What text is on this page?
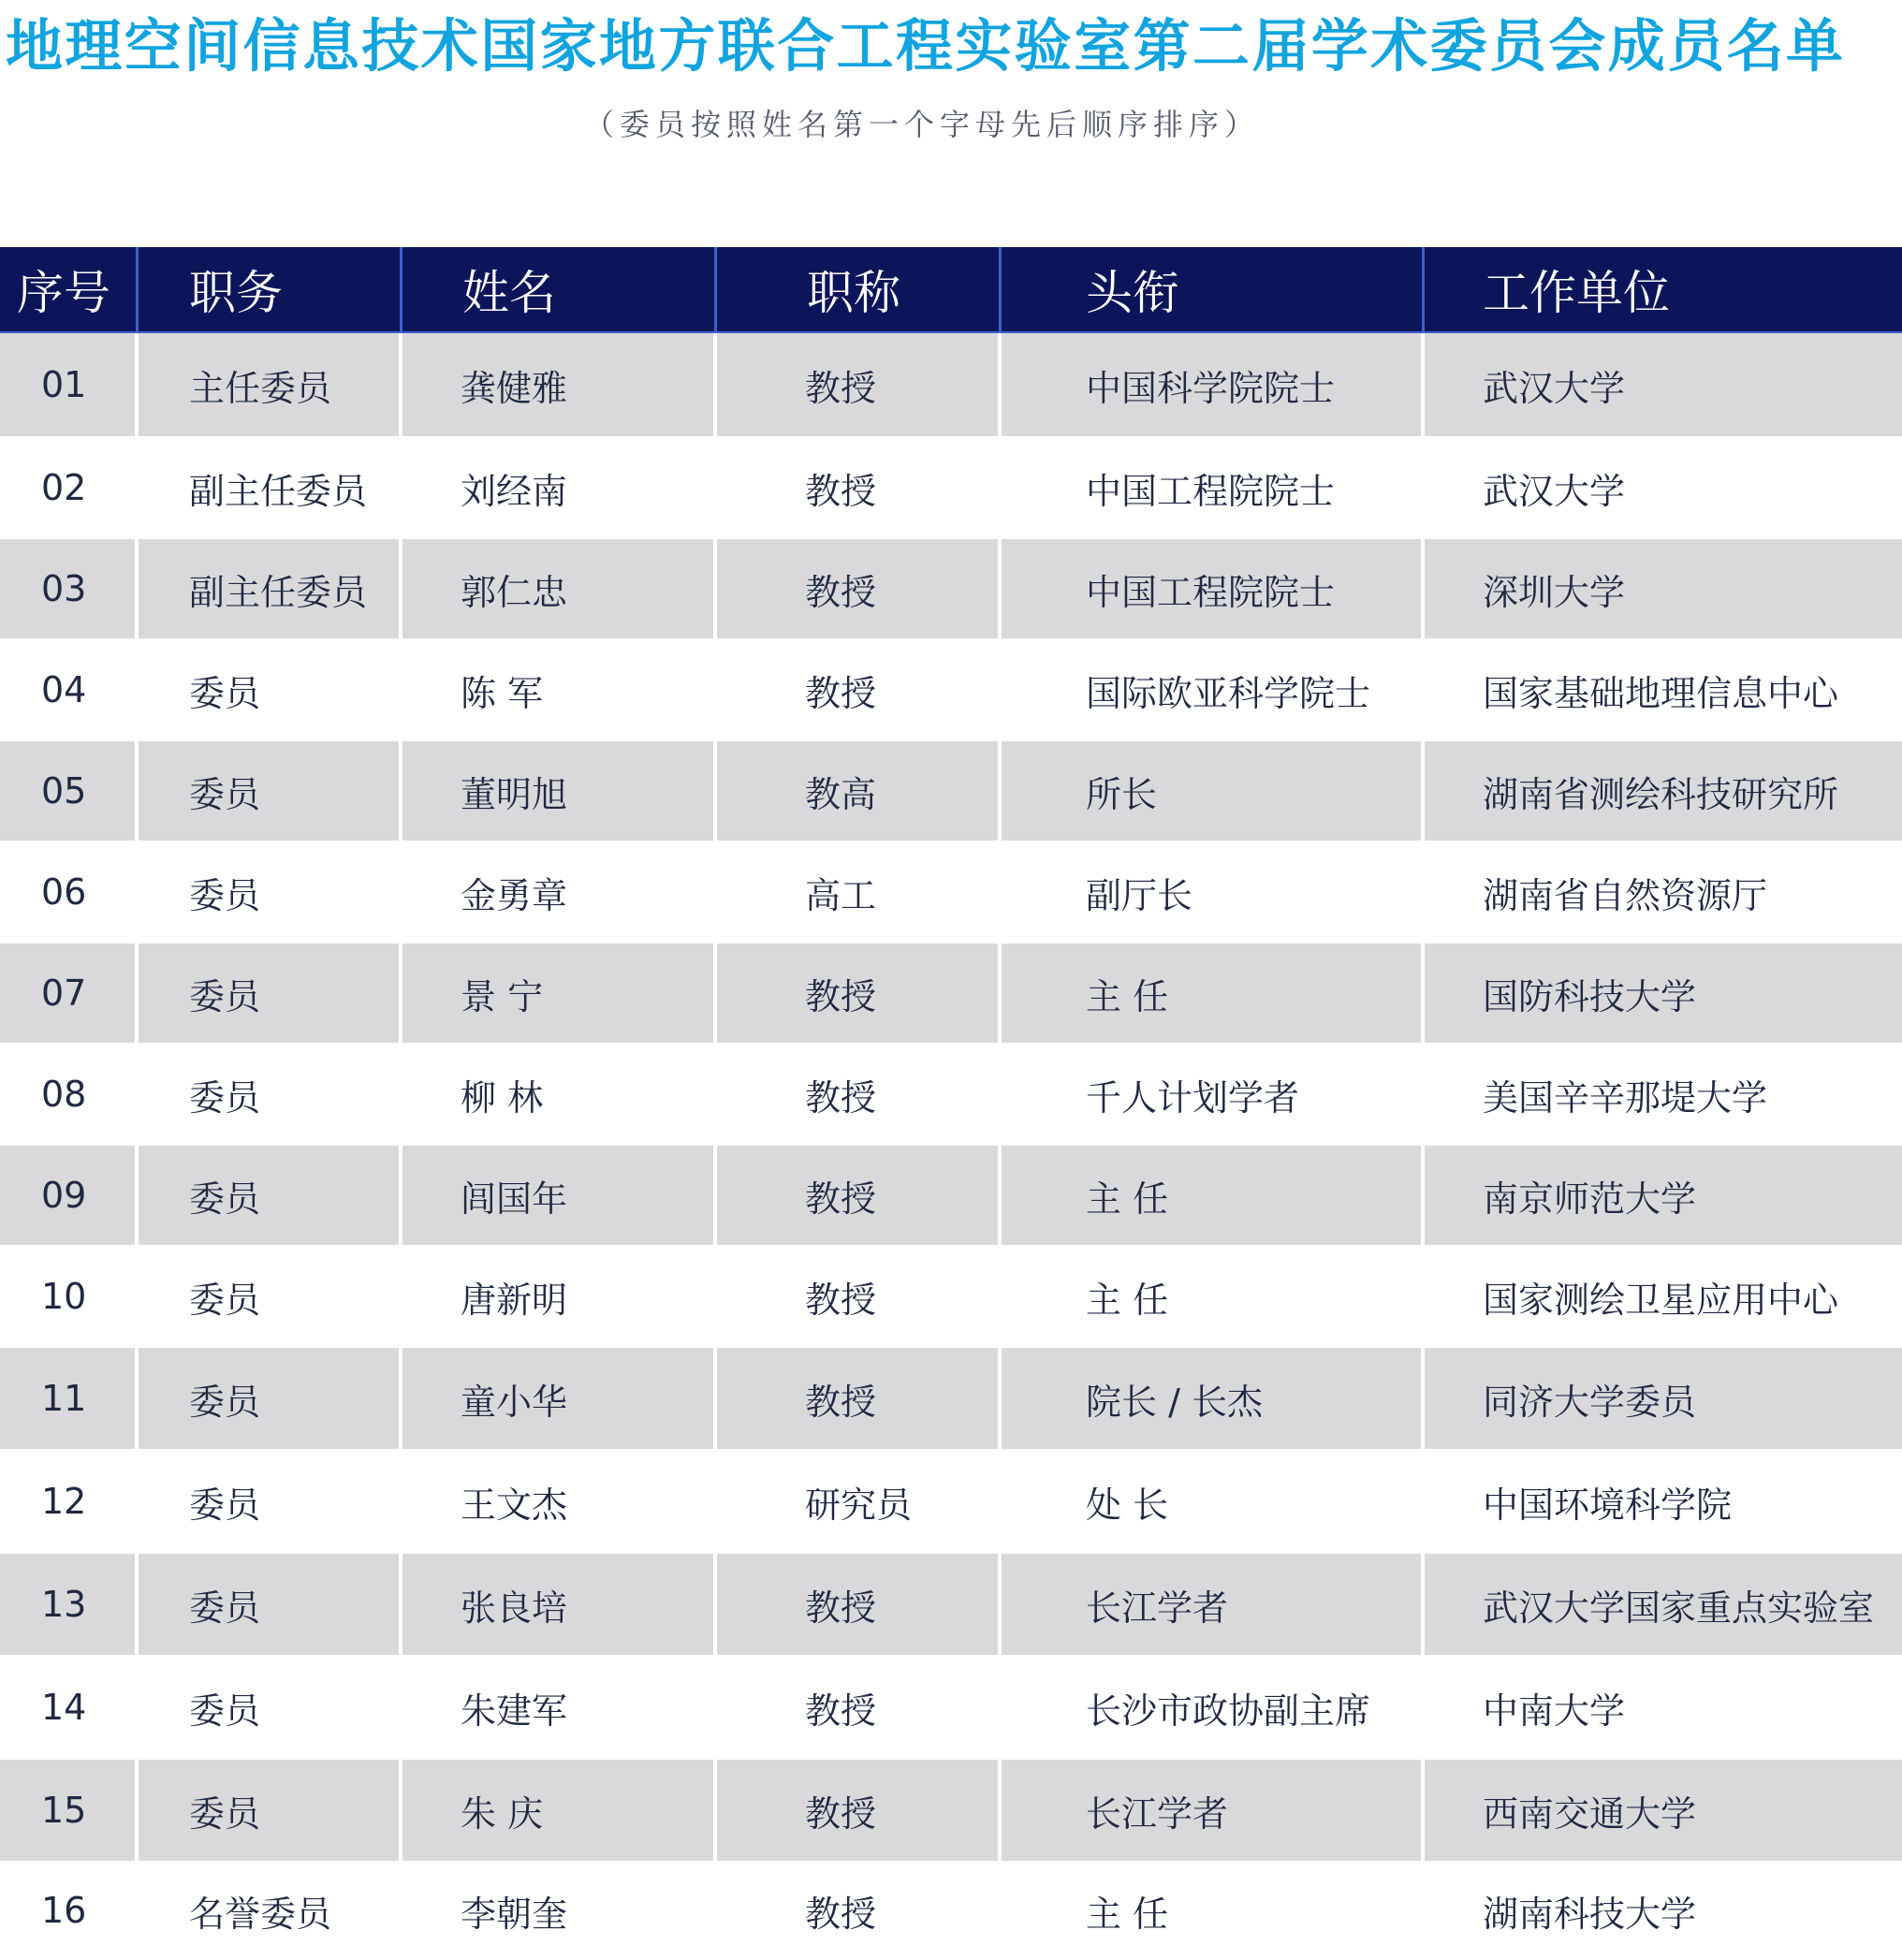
地理空间信息技术国家地方联合工程实验室第二届学术委员会成员名单
（委员按照姓名第一个字母先后顺序排序）
序号	职务	姓名	职称	头衔	工作单位
01	主任委员	龚健雅	教授	中国科学院院士	武汉大学
02	副主任委员	刘经南	教授	中国工程院院士	武汉大学
03	副主任委员	郭仁忠	教授	中国工程院院士	深圳大学
04	委员	陈 军	教授	国际欧亚科学院士	国家基础地理信息中心
05	委员	董明旭	教高	所长	湖南省测绘科技研究所
06	委员	金勇章	高工	副厅长	湖南省自然资源厅
07	委员	景 宁	教授	主 任	国防科技大学
08	委员	柳 林	教授	千人计划学者	美国辛辛那堤大学
09	委员	闾国年	教授	主 任	南京师范大学
10	委员	唐新明	教授	主 任	国家测绘卫星应用中心
11	委员	童小华	教授	院长 / 长杰	同济大学委员
12	委员	王文杰	研究员	处 长	中国环境科学院
13	委员	张良培	教授	长江学者	武汉大学国家重点实验室
14	委员	朱建军	教授	长沙市政协副主席	中南大学
15	委员	朱 庆	教授	长江学者	西南交通大学
16	名誉委员	李朝奎	教授	主 任	湖南科技大学
